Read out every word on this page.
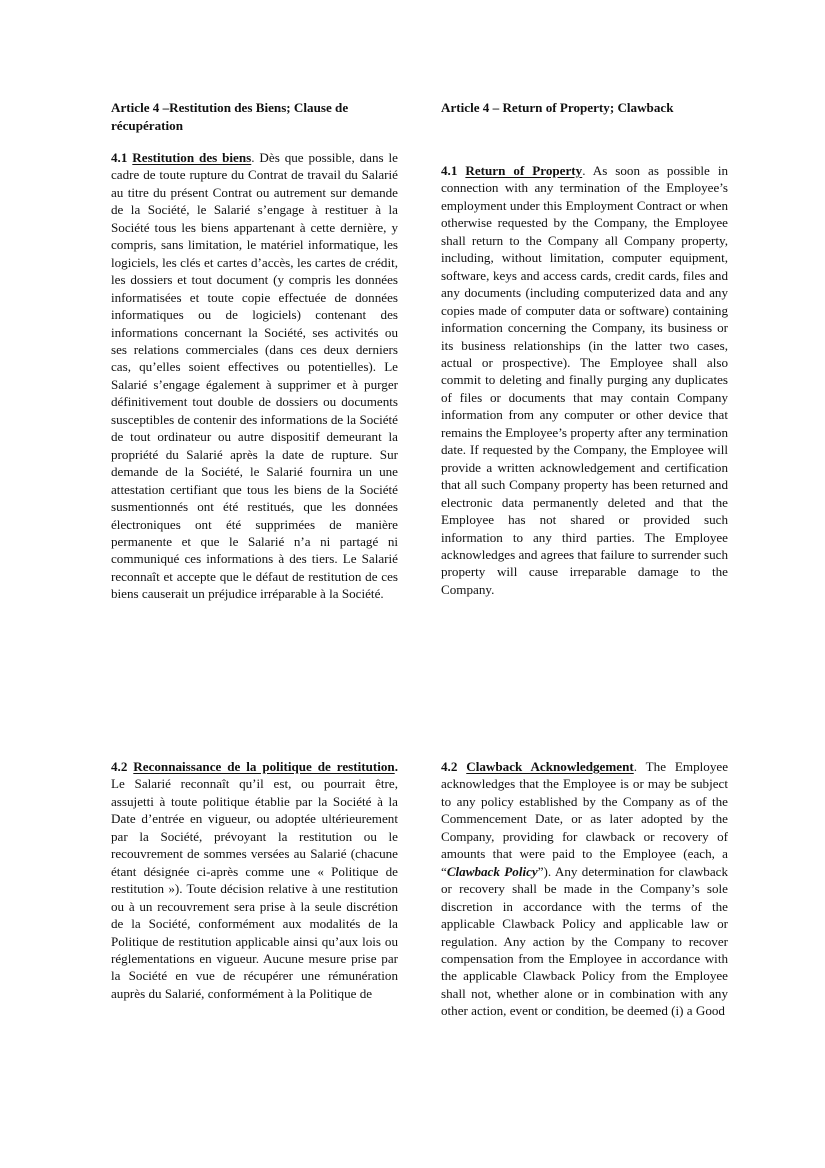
Article 4 –Restitution des Biens; Clause de récupération

4.1 Restitution des biens. Dès que possible, dans le cadre de toute rupture du Contrat de travail du Salarié au titre du présent Contrat ou autrement sur demande de la Société, le Salarié s’engage à restituer à la Société tous les biens appartenant à cette dernière, y compris, sans limitation, le matériel informatique, les logiciels, les clés et cartes d’accès, les cartes de crédit, les dossiers et tout document (y compris les données informatisées et toute copie effectuée de données informatiques ou de logiciels) contenant des informations concernant la Société, ses activités ou ses relations commerciales (dans ces deux derniers cas, qu’elles soient effectives ou potentielles). Le Salarié s’engage également à supprimer et à purger définitivement tout double de dossiers ou documents susceptibles de contenir des informations de la Société de tout ordinateur ou autre dispositif demeurant la propriété du Salarié après la date de rupture. Sur demande de la Société, le Salarié fournira un une attestation certifiant que tous les biens de la Société susmentionnés ont été restitués, que les données électroniques ont été supprimées de manière permanente et que le Salarié n’a ni partagé ni communiqué ces informations à des tiers. Le Salarié reconnaît et accepte que le défaut de restitution de ces biens causerait un préjudice irréparable à la Société.

4.2 Reconnaissance de la politique de restitution. Le Salarié reconnaît qu’il est, ou pourrait être, assujetti à toute politique établie par la Société à la Date d’entrée en vigueur, ou adoptée ultérieurement par la Société, prévoyant la restitution ou le recouvrement de sommes versées au Salarié (chacune étant désignée ci-après comme une « Politique de restitution »). Toute décision relative à une restitution ou à un recouvrement sera prise à la seule discrétion de la Société, conformément aux modalités de la Politique de restitution applicable ainsi qu’aux lois ou réglementations en vigueur. Aucune mesure prise par la Société en vue de récupérer une rémunération auprès du Salarié, conformément à la Politique de

Article 4 – Return of Property; Clawback

4.1 Return of Property. As soon as possible in connection with any termination of the Employee’s employment under this Employment Contract or when otherwise requested by the Company, the Employee shall return to the Company all Company property, including, without limitation, computer equipment, software, keys and access cards, credit cards, files and any documents (including computerized data and any copies made of computer data or software) containing information concerning the Company, its business or its business relationships (in the latter two cases, actual or prospective). The Employee shall also commit to deleting and finally purging any duplicates of files or documents that may contain Company information from any computer or other device that remains the Employee’s property after any termination date. If requested by the Company, the Employee will provide a written acknowledgement and certification that all such Company property has been returned and electronic data permanently deleted and that the Employee has not shared or provided such information to any third parties. The Employee acknowledges and agrees that failure to surrender such property will cause irreparable damage to the Company.

4.2 Clawback Acknowledgement. The Employee acknowledges that the Employee is or may be subject to any policy established by the Company as of the Commencement Date, or as later adopted by the Company, providing for clawback or recovery of amounts that were paid to the Employee (each, a “Clawback Policy”). Any determination for clawback or recovery shall be made in the Company’s sole discretion in accordance with the terms of the applicable Clawback Policy and applicable law or regulation. Any action by the Company to recover compensation from the Employee in accordance with the applicable Clawback Policy from the Employee shall not, whether alone or in combination with any other action, event or condition, be deemed (i) a Good
